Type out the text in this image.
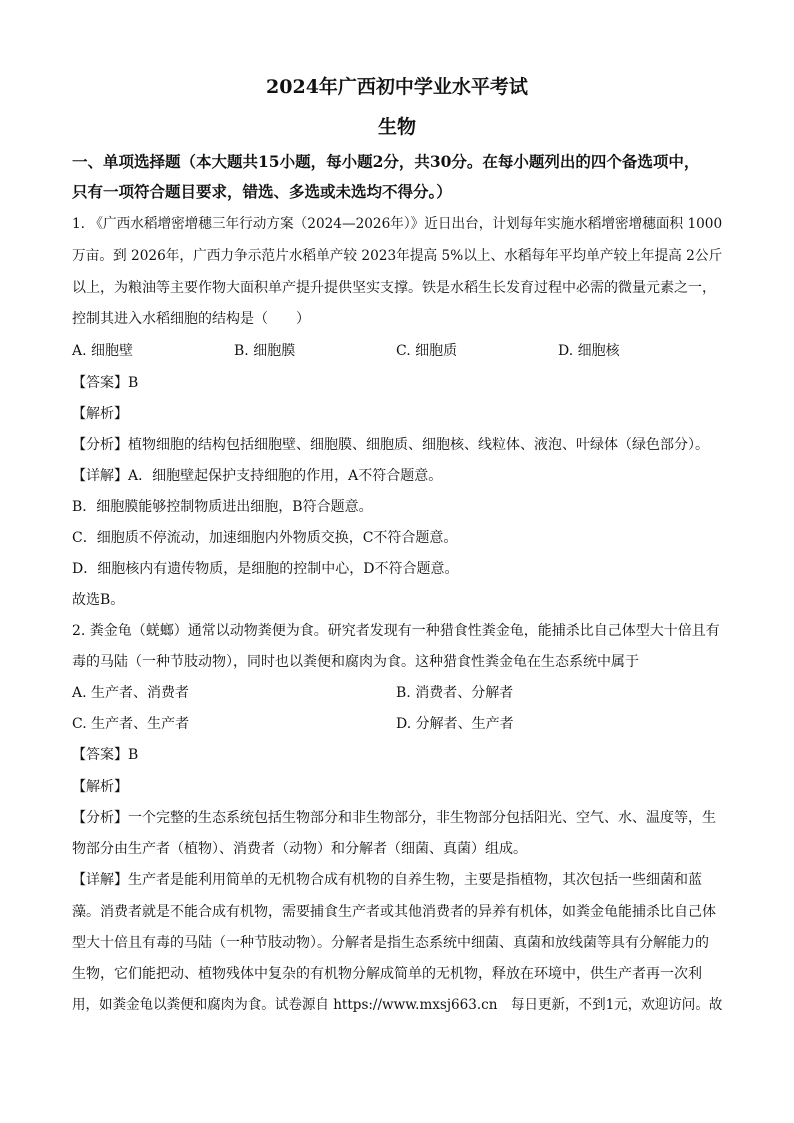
2024年广西初中学业水平考试
生物
一、单项选择题（本大题共15小题，每小题2分，共30分。在每小题列出的四个备选项中，
只有一项符合题目要求，错选、多选或未选均不得分。）
1. 《广西水稻增密增穗三年行动方案（2024—2026年）》近日出台，计划每年实施水稻增密增穗面积 1000
万亩。到 2026年，广西力争示范片水稻单产较 2023年提高 5%以上、水稻每年平均单产较上年提高 2公斤
以上，为粮油等主要作物大面积单产提升提供坚实支撑。铁是水稻生长发育过程中必需的微量元素之一，
控制其进入水稻细胞的结构是（　　）
A. 细胞壁	B. 细胞膜	C. 细胞质	D. 细胞核
【答案】B
【解析】
【分析】植物细胞的结构包括细胞壁、细胞膜、细胞质、细胞核、线粒体、液泡、叶绿体（绿色部分）。
【详解】A．细胞壁起保护支持细胞的作用，A不符合题意。
B．细胞膜能够控制物质进出细胞，B符合题意。
C．细胞质不停流动，加速细胞内外物质交换，C不符合题意。
D．细胞核内有遗传物质，是细胞的控制中心，D不符合题意。
故选B。
2. 粪金龟（蜣螂）通常以动物粪便为食。研究者发现有一种猎食性粪金龟，能捕杀比自己体型大十倍且有
毒的马陆（一种节肢动物），同时也以粪便和腐肉为食。这种猎食性粪金龟在生态系统中属于
A. 生产者、消费者	B. 消费者、分解者
C. 生产者、生产者	D. 分解者、生产者
【答案】B
【解析】
【分析】一个完整的生态系统包括生物部分和非生物部分，非生物部分包括阳光、空气、水、温度等，生
物部分由生产者（植物）、消费者（动物）和分解者（细菌、真菌）组成。
【详解】生产者是能利用简单的无机物合成有机物的自养生物，主要是指植物，其次包括一些细菌和蓝
藻。消费者就是不能合成有机物，需要捕食生产者或其他消费者的异养有机体，如粪金龟能捕杀比自己体
型大十倍且有毒的马陆（一种节肢动物）。分解者是指生态系统中细菌、真菌和放线菌等具有分解能力的
生物，它们能把动、植物残体中复杂的有机物分解成简单的无机物，释放在环境中，供生产者再一次利
用，如粪金龟以粪便和腐肉为食。试卷源自 https://www.mxsj663.cn　每日更新，不到1元，欢迎访问。故
